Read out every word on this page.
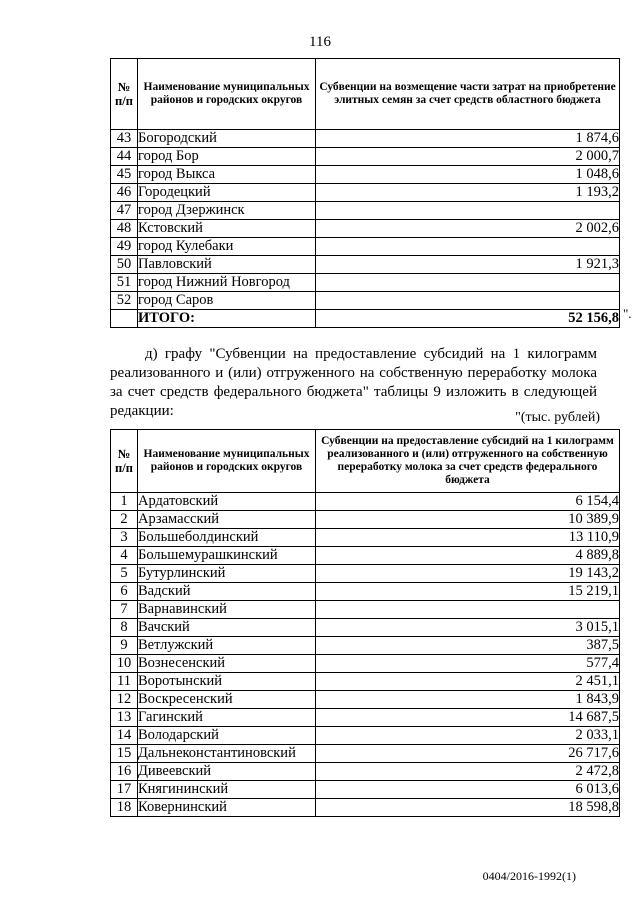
116
№ п/п	Наименование муниципальных районов и городских округов	Субвенции на возмещение части затрат на приобретение элитных семян за счет средств областного бюджета
43	Богородский	1 874,6
44	город Бор	2 000,7
45	город Выкса	1 048,6
46	Городецкий	1 193,2
47	город Дзержинск	
48	Кстовский	2 002,6
49	город Кулебаки	
50	Павловский	1 921,3
51	город Нижний Новгород	
52	город Саров	
	ИТОГО:	52 156,8 ".

д) графу "Субвенции на предоставление субсидий на 1 килограмм реализованного и (или) отгруженного на собственную переработку молока за счет средств федерального бюджета" таблицы 9 изложить в следующей редакции:	"(тыс. рублей)
№ п/п	Наименование муниципальных районов и городских округов	Субвенции на предоставление субсидий на 1 килограмм реализованного и (или) отгруженного на собственную переработку молока за счет средств федерального бюджета
1	Ардатовский	6 154,4
2	Арзамасский	10 389,9
3	Большеболдинский	13 110,9
4	Большемурашкинский	4 889,8
5	Бутурлинский	19 143,2
6	Вадский	15 219,1
7	Варнавинский	
8	Вачский	3 015,1
9	Ветлужский	387,5
10	Вознесенский	577,4
11	Воротынский	2 451,1
12	Воскресенский	1 843,9
13	Гагинский	14 687,5
14	Володарский	2 033,1
15	Дальнеконстантиновский	26 717,6
16	Дивеевский	2 472,8
17	Княгининский	6 013,6
18	Ковернинский	18 598,8
0404/2016-1992(1)
